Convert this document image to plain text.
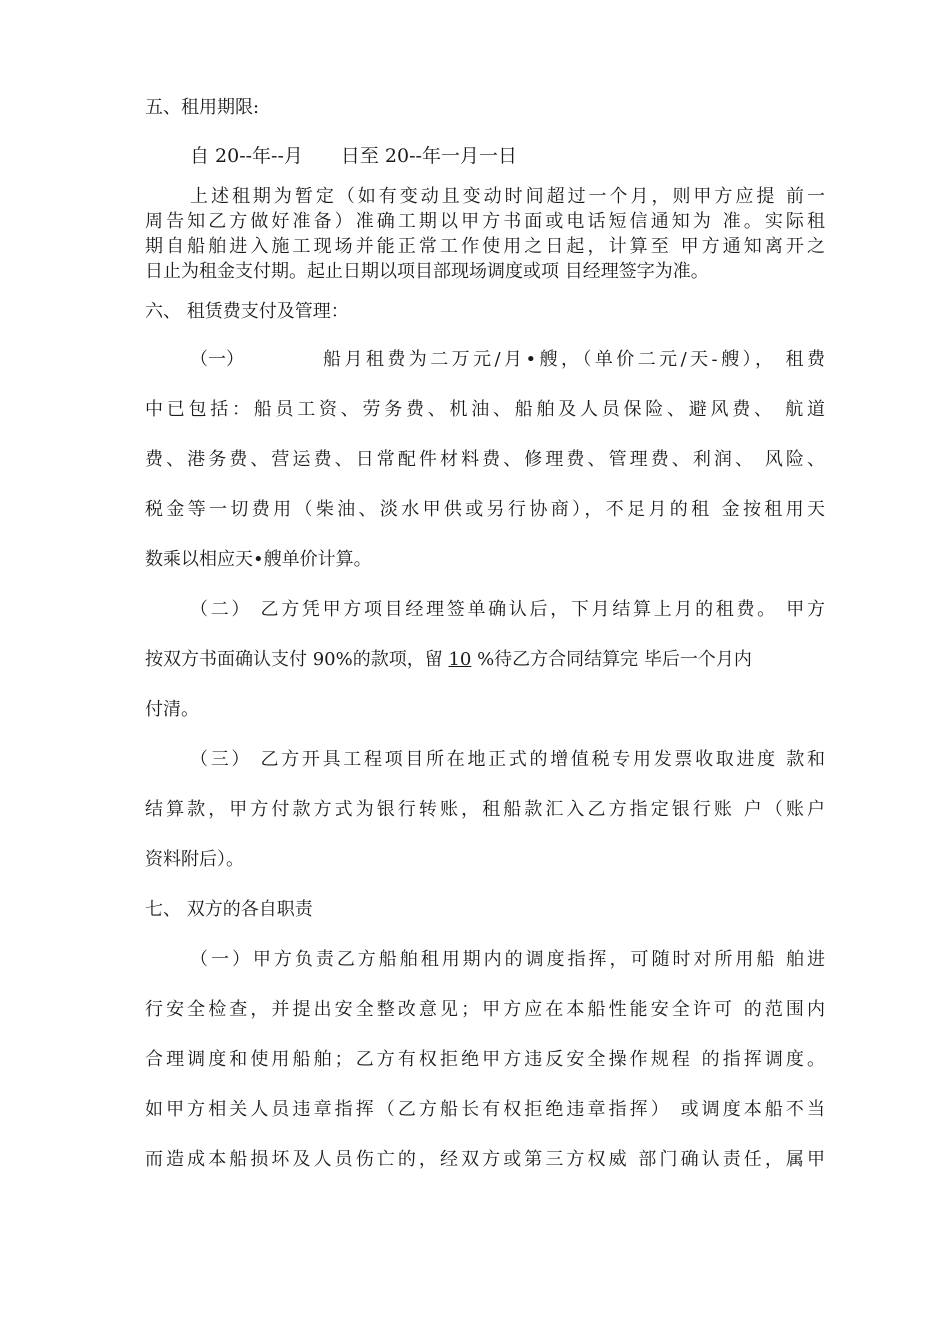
五、租用期限:
自 20--年--月　　日至 20--年一月一日
上述租期为暂定（如有变动且变动时间超过一个月，则甲方应提 前一
周告知乙方做好准备）准确工期以甲方书面或电话短信通知为 准。实际租
期自船舶进入施工现场并能正常工作使用之日起，计算至 甲方通知离开之
日止为租金支付期。起止日期以项目部现场调度或项 目经理签字为准。
六、 租赁费支付及管理：
（一）	船月租费为二万元/月•艘，（单价二元/天-艘）， 租费
中已包括：船员工资、劳务费、机油、船舶及人员保险、避风费、 航道
费、港务费、营运费、日常配件材料费、修理费、管理费、利润、 风险、
税金等一切费用（柴油、淡水甲供或另行协商），不足月的租 金按租用天
数乘以相应天•艘单价计算。
（二） 乙方凭甲方项目经理签单确认后，下月结算上月的租费。 甲方
按双方书面确认支付 90%的款项，留 10 %待乙方合同结算完 毕后一个月内
付清。
（三） 乙方开具工程项目所在地正式的增值税专用发票收取进度 款和
结算款，甲方付款方式为银行转账，租船款汇入乙方指定银行账 户（账户
资料附后）。
七、 双方的各自职责
（一）甲方负责乙方船舶租用期内的调度指挥，可随时对所用船 舶进
行安全检查，并提出安全整改意见；甲方应在本船性能安全许可 的范围内
合理调度和使用船舶；乙方有权拒绝甲方违反安全操作规程 的指挥调度。
如甲方相关人员违章指挥（乙方船长有权拒绝违章指挥） 或调度本船不当
而造成本船损坏及人员伤亡的，经双方或第三方权威 部门确认责任，属甲
